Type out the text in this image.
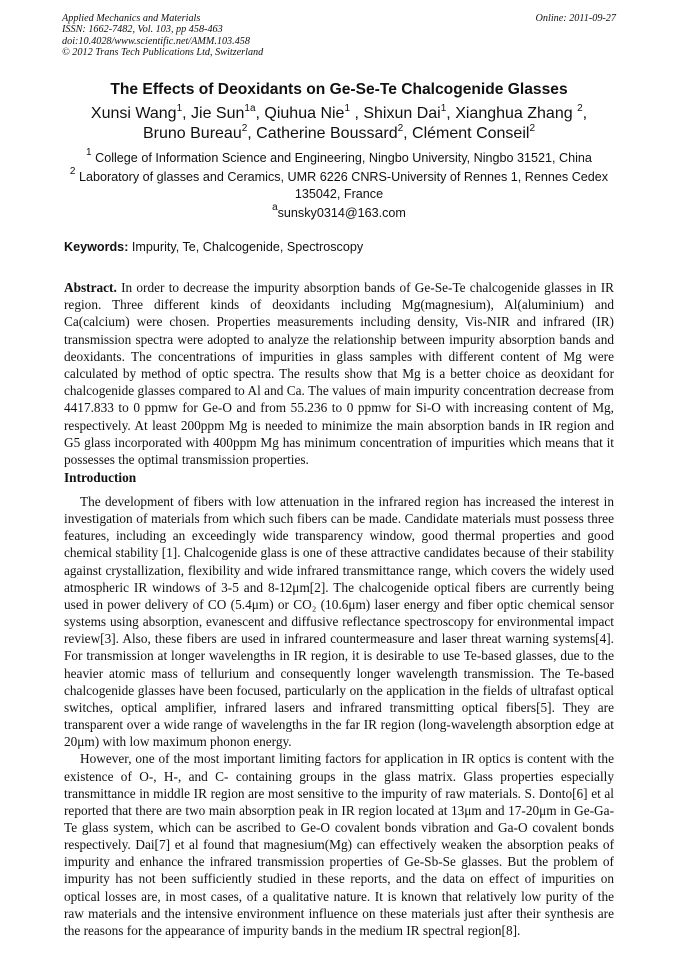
Applied Mechanics and Materials
ISSN: 1662-7482, Vol. 103, pp 458-463
doi:10.4028/www.scientific.net/AMM.103.458
© 2012 Trans Tech Publications Ltd, Switzerland
Online: 2011-09-27
The Effects of Deoxidants on Ge-Se-Te Chalcogenide Glasses
Xunsi Wang$^1$, Jie Sun$^{1a}$, Qiuhua Nie$^1$ , Shixun Dai$^1$, Xianghua Zhang $^2$,
Bruno Bureau$^2$, Catherine Boussard$^2$, Clément Conseil$^2$
$^1$ College of Information Science and Engineering, Ningbo University, Ningbo 31521, China
$^2$ Laboratory of glasses and Ceramics, UMR 6226 CNRS-University of Rennes 1, Rennes Cedex
135042, France
$^a$sunsky0314@163.com
Keywords: Impurity, Te, Chalcogenide, Spectroscopy
Abstract. In order to decrease the impurity absorption bands of Ge-Se-Te chalcogenide glasses in IR region. Three different kinds of deoxidants including Mg(magnesium), Al(aluminium) and Ca(calcium) were chosen. Properties measurements including density, Vis-NIR and infrared (IR) transmission spectra were adopted to analyze the relationship between impurity absorption bands and deoxidants. The concentrations of impurities in glass samples with different content of Mg were calculated by method of optic spectra. The results show that Mg is a better choice as deoxidant for chalcogenide glasses compared to Al and Ca. The values of main impurity concentration decrease from 4417.833 to 0 ppmw for Ge-O and from 55.236 to 0 ppmw for Si-O with increasing content of Mg, respectively. At least 200ppm Mg is needed to minimize the main absorption bands in IR region and G5 glass incorporated with 400ppm Mg has minimum concentration of impurities which means that it possesses the optimal transmission properties.
Introduction

The development of fibers with low attenuation in the infrared region has increased the interest in investigation of materials from which such fibers can be made. Candidate materials must possess three features, including an exceedingly wide transparency window, good thermal properties and good chemical stability [1]. Chalcogenide glass is one of these attractive candidates because of their stability against crystallization, flexibility and wide infrared transmittance range, which covers the widely used atmospheric IR windows of 3-5 and 8-12μm[2]. The chalcogenide optical fibers are currently being used in power delivery of CO (5.4μm) or CO₂ (10.6μm) laser energy and fiber optic chemical sensor systems using absorption, evanescent and diffusive reflectance spectroscopy for environmental impact review[3]. Also, these fibers are used in infrared countermeasure and laser threat warning systems[4]. For transmission at longer wavelengths in IR region, it is desirable to use Te-based glasses, due to the heavier atomic mass of tellurium and consequently longer wavelength transmission. The Te-based chalcogenide glasses have been focused, particularly on the application in the fields of ultrafast optical switches, optical amplifier, infrared lasers and infrared transmitting optical fibers[5]. They are transparent over a wide range of wavelengths in the far IR region (long-wavelength absorption edge at 20μm) with low maximum phonon energy.

However, one of the most important limiting factors for application in IR optics is content with the existence of O-, H-, and C- containing groups in the glass matrix. Glass properties especially transmittance in middle IR region are most sensitive to the impurity of raw materials. S. Donto[6] et al reported that there are two main absorption peak in IR region located at 13μm and 17-20μm in Ge-Ga-Te glass system, which can be ascribed to Ge-O covalent bonds vibration and Ga-O covalent bonds respectively. Dai[7] et al found that magnesium(Mg) can effectively weaken the absorption peaks of impurity and enhance the infrared transmission properties of Ge-Sb-Se glasses. But the problem of impurity has not been sufficiently studied in these reports, and the data on effect of impurities on optical losses are, in most cases, of a qualitative nature. It is known that relatively low purity of the raw materials and the intensive environment influence on these materials just after their synthesis are the reasons for the appearance of impurity bands in the medium IR spectral region[8].
